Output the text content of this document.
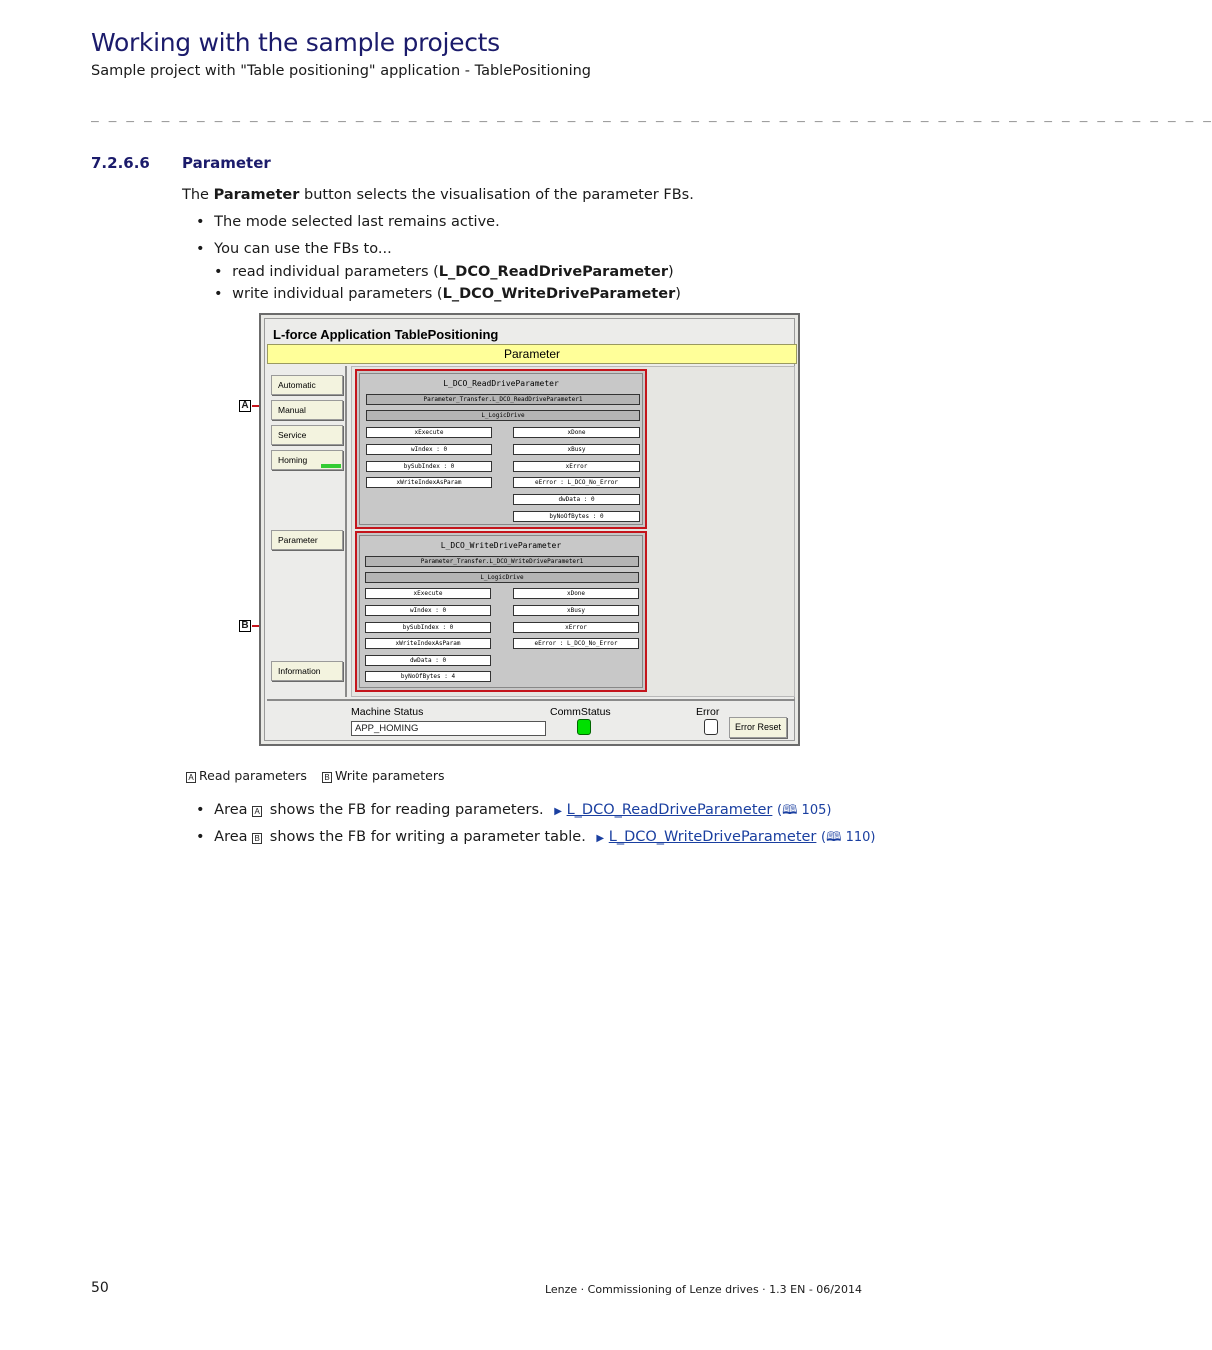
Working with the sample projects
Sample project with "Table positioning" application - TablePositioning
_ _ _ _ _ _ _ _ _ _ _ _ _ _ _ _ _ _ _ _ _ _ _ _ _ _ _ _ _ _ _ _ _ _ _ _ _ _ _ _ _ _ _ _ _ _ _ _ _ _ _ _ _ _ _ _ _ _ _ _ _ _ _ _
7.2.6.6 Parameter
The Parameter button selects the visualisation of the parameter FBs.
• The mode selected last remains active.
• You can use the FBs to...
• read individual parameters (L_DCO_ReadDriveParameter)
• write individual parameters (L_DCO_WriteDriveParameter)
A
B
L-force Application TablePositioning
Parameter
Automatic
Manual
Service
Homing
Parameter
Information
L_DCO_ReadDriveParameter
Parameter_Transfer.L_DCO_ReadDriveParameter1
L_LogicDrive
xExecute
wIndex : 0
bySubIndex : 0
xWriteIndexAsParam
xDone
xBusy
xError
eError : L_DCO_No_Error
dwData : 0
byNoOfBytes : 0
L_DCO_WriteDriveParameter
Parameter_Transfer.L_DCO_WriteDriveParameter1
L_LogicDrive
xExecute
wIndex : 0
bySubIndex : 0
xWriteIndexAsParam
dwData : 0
byNoOfBytes : 4
xDone
xBusy
xError
eError : L_DCO_No_Error
Machine Status
APP_HOMING
CommStatus	Error
Error Reset
A Read parameters B Write parameters
• Area A shows the FB for reading parameters. ▶ L_DCO_ReadDriveParameter (🕮 105)
• Area B shows the FB for writing a parameter table. ▶ L_DCO_WriteDriveParameter (🕮 110)
50	Lenze · Commissioning of Lenze drives · 1.3 EN - 06/2014
